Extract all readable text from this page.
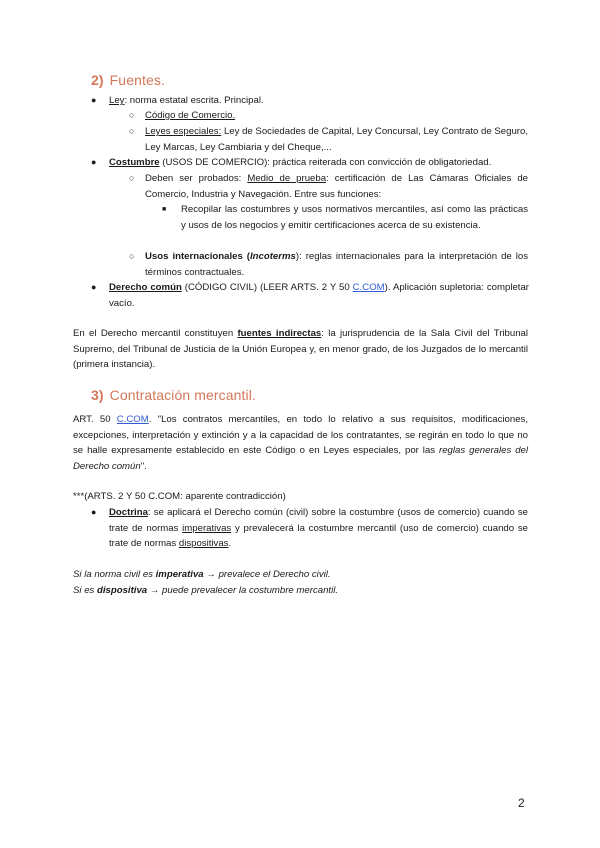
2) Fuentes.
● Ley: norma estatal escrita. Principal.
○ Código de Comercio.
○ Leyes especiales: Ley de Sociedades de Capital, Ley Concursal, Ley Contrato de Seguro, Ley Marcas, Ley Cambiaria y del Cheque,...
● Costumbre (USOS DE COMERCIO): práctica reiterada con convicción de obligatoriedad.
○ Deben ser probados: Medio de prueba: certificación de Las Cámaras Oficiales de Comercio, Industria y Navegación. Entre sus funciones:
■ Recopilar las costumbres y usos normativos mercantiles, así como las prácticas y usos de los negocios y emitir certificaciones acerca de su existencia.
○ Usos internacionales (Incoterms): reglas internacionales para la interpretación de los términos contractuales.
● Derecho común (CÓDIGO CIVIL) (LEER ARTS. 2 Y 50 C.COM). Aplicación supletoria: completar vacío.
En el Derecho mercantil constituyen fuentes indirectas: la jurisprudencia de la Sala Civil del Tribunal Supremo, del Tribunal de Justicia de la Unión Europea y, en menor grado, de los Juzgados de lo mercantil (primera instancia).
3) Contratación mercantil.
ART. 50 C.COM. "Los contratos mercantiles, en todo lo relativo a sus requisitos, modificaciones, excepciones, interpretación y extinción y a la capacidad de los contratantes, se regirán en todo lo que no se halle expresamente establecido en este Código o en Leyes especiales, por las reglas generales del Derecho común".
***(ARTS. 2 Y 50 C.COM: aparente contradicción)
● Doctrina: se aplicará el Derecho común (civil) sobre la costumbre (usos de comercio) cuando se trate de normas imperativas y prevalecerá la costumbre mercantil (uso de comercio) cuando se trate de normas dispositivas.
Si la norma civil es imperativa → prevalece el Derecho civil.
Si es dispositiva → puede prevalecer la costumbre mercantil.
2
